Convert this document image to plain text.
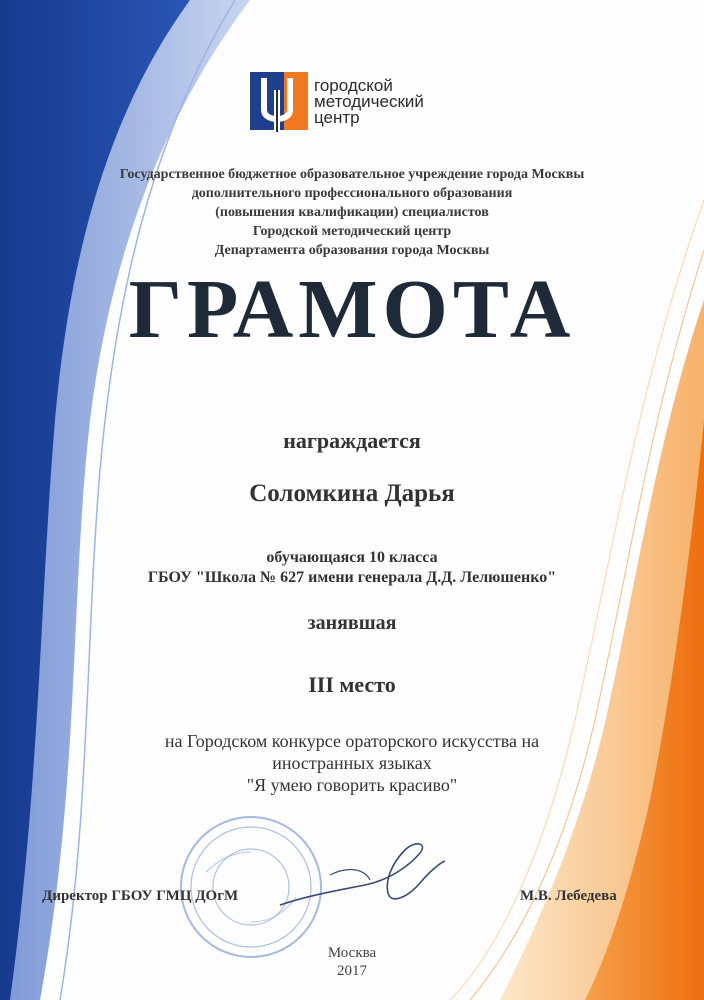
городской
методический
центр
Государственное бюджетное образовательное учреждение города Москвы
дополнительного профессионального образования
(повышения квалификации) специалистов
Городской методический центр
Департамента образования города Москвы
ГРАМОТА
награждается
Соломкина Дарья
обучающаяся 10 класса
ГБОУ "Школа № 627 имени генерала Д.Д. Лелюшенко"
занявшая
III место
на Городском конкурсе ораторского искусства на
иностранных языках
"Я умею говорить красиво"
Директор ГБОУ ГМЦ ДОгМ	М.В. Лебедева
Москва
2017
